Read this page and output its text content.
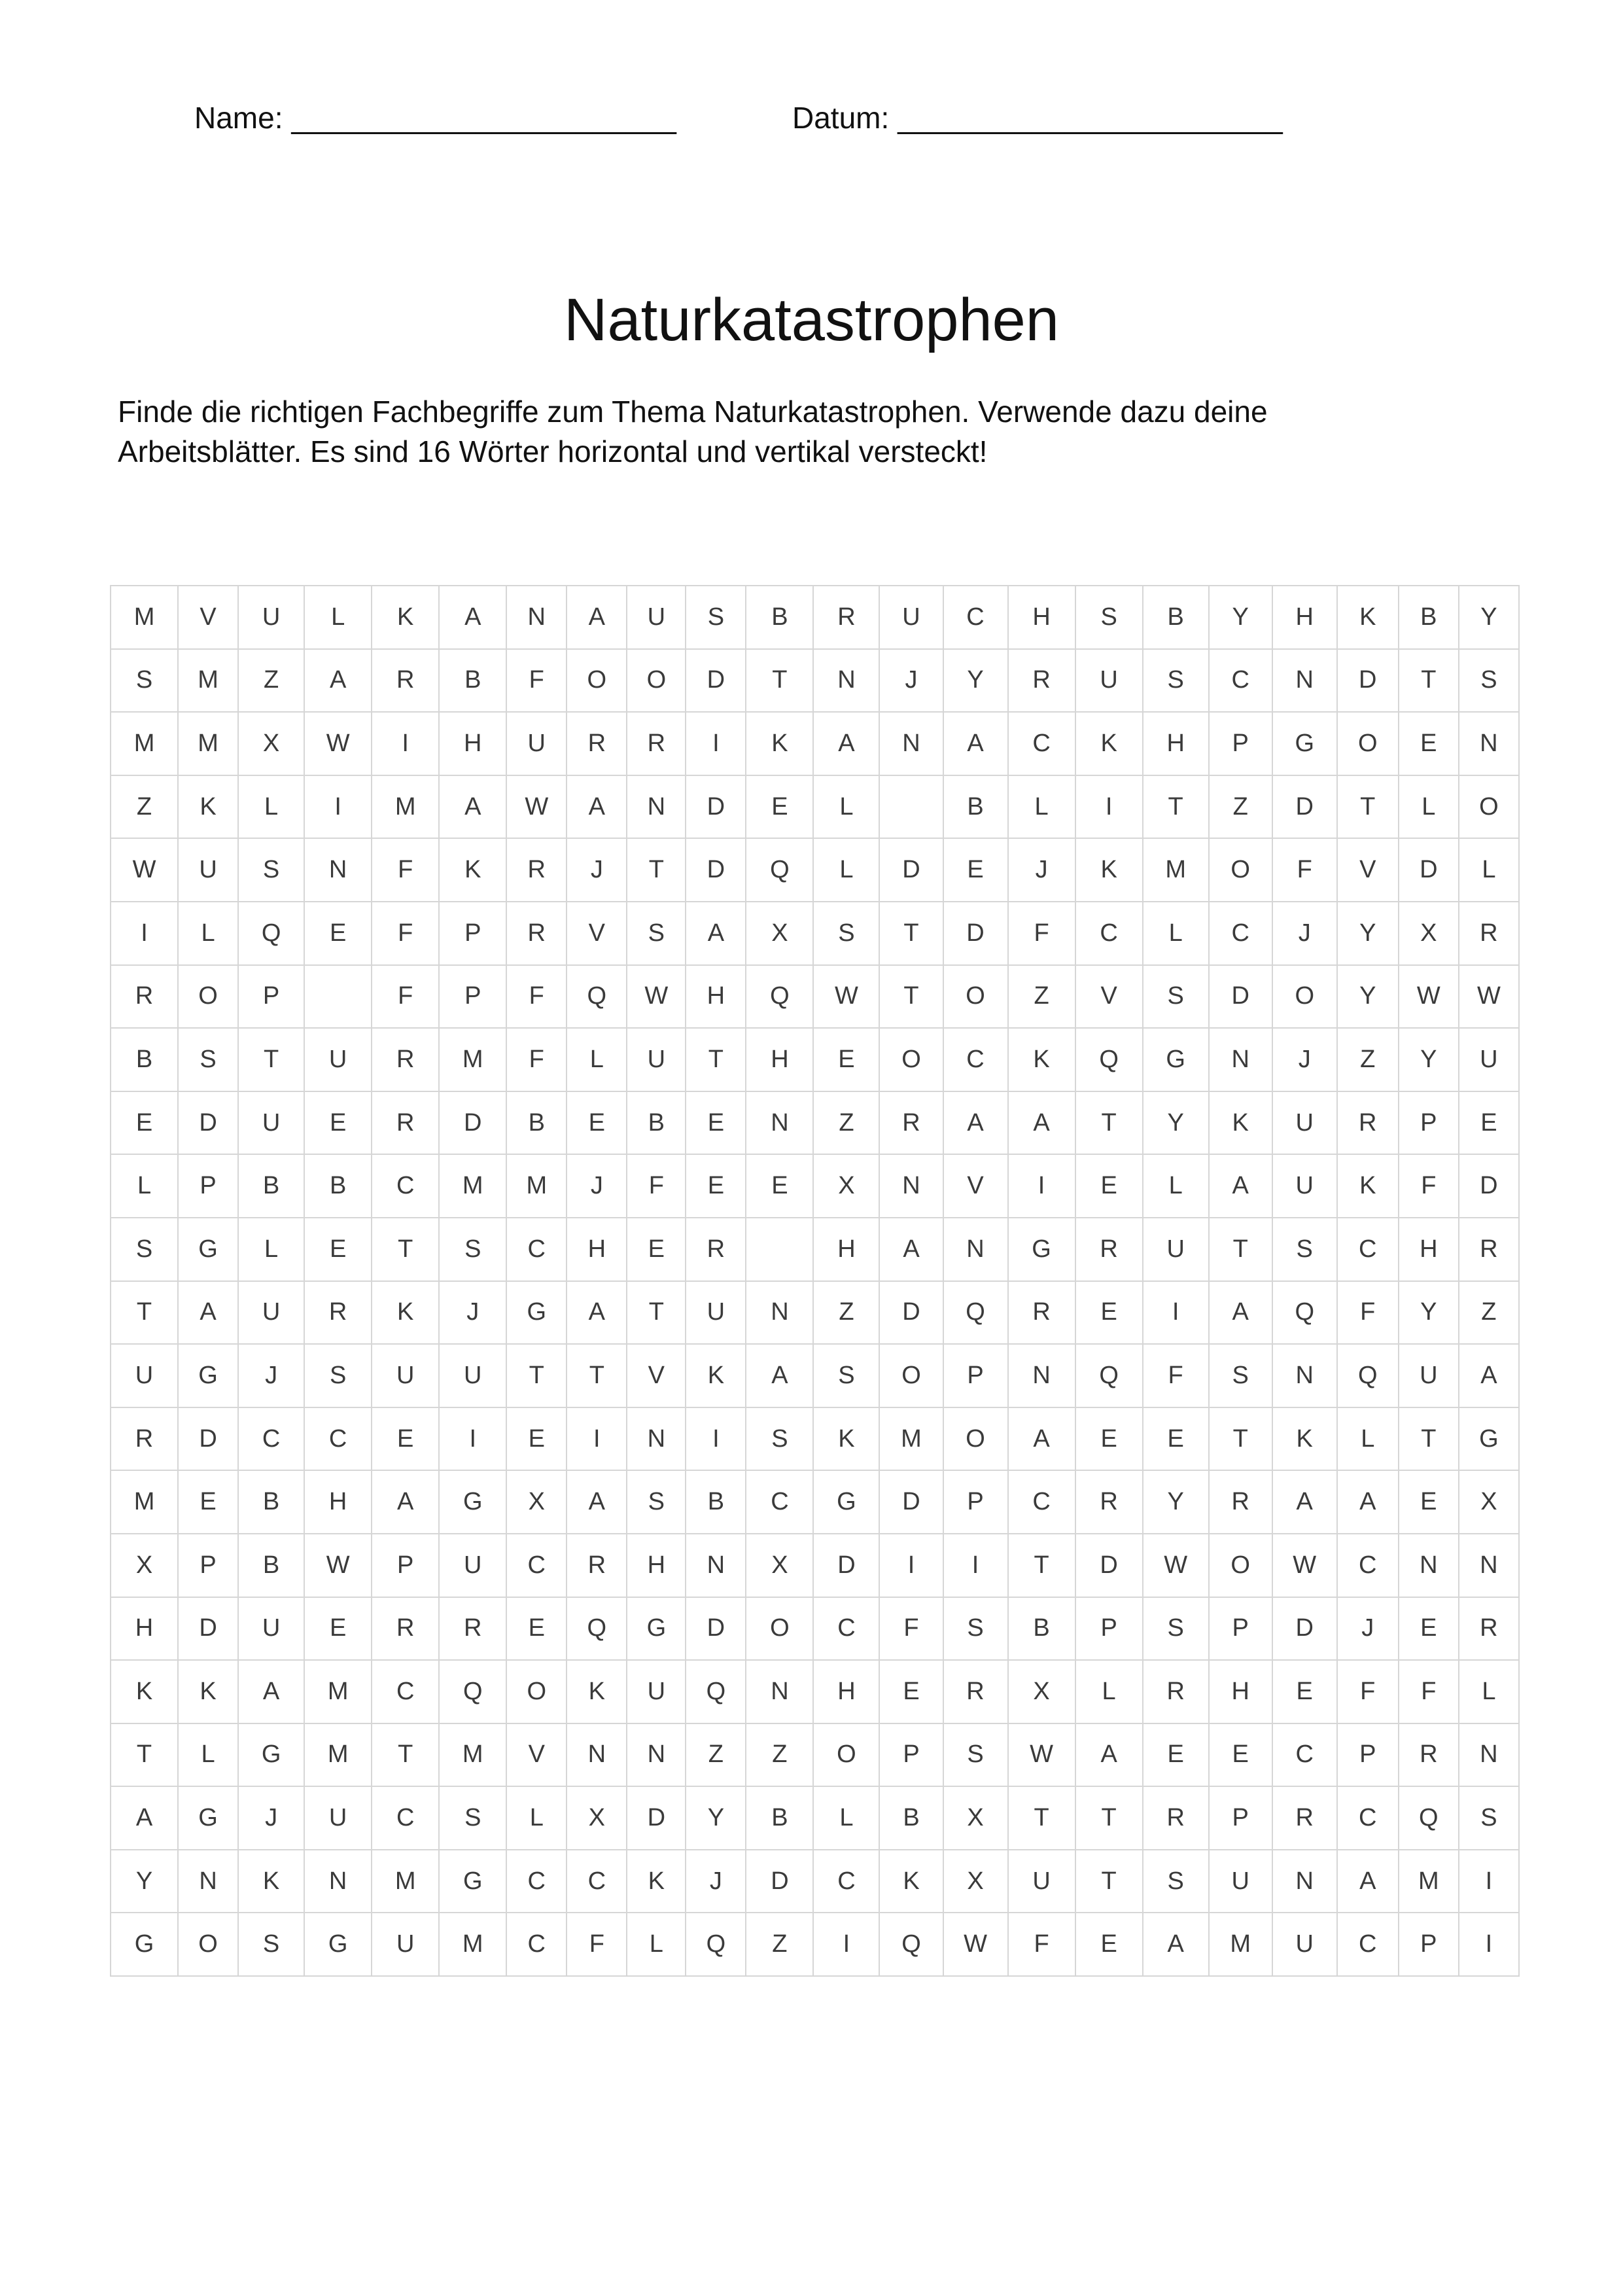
Name: _______________________	Datum: _______________________
Naturkatastrophen
Finde die richtigen Fachbegriffe zum Thema Naturkatastrophen. Verwende dazu deine
Arbeitsblätter. Es sind 16 Wörter horizontal und vertikal versteckt!
M	V	U	L	K	A	N	A	U	S	B	R	U	C	H	S	B	Y	H	K	B	Y
S	M	Z	A	R	B	F	O	O	D	T	N	J	Y	R	U	S	C	N	D	T	S
M	M	X	W	I	H	U	R	R	I	K	A	N	A	C	K	H	P	G	O	E	N
Z	K	L	I	M	A	W	A	N	D	E	L		B	L	I	T	Z	D	T	L	O
W	U	S	N	F	K	R	J	T	D	Q	L	D	E	J	K	M	O	F	V	D	L
I	L	Q	E	F	P	R	V	S	A	X	S	T	D	F	C	L	C	J	Y	X	R
R	O	P		F	P	F	Q	W	H	Q	W	T	O	Z	V	S	D	O	Y	W	W
B	S	T	U	R	M	F	L	U	T	H	E	O	C	K	Q	G	N	J	Z	Y	U
E	D	U	E	R	D	B	E	B	E	N	Z	R	A	A	T	Y	K	U	R	P	E
L	P	B	B	C	M	M	J	F	E	E	X	N	V	I	E	L	A	U	K	F	D
S	G	L	E	T	S	C	H	E	R		H	A	N	G	R	U	T	S	C	H	R
T	A	U	R	K	J	G	A	T	U	N	Z	D	Q	R	E	I	A	Q	F	Y	Z
U	G	J	S	U	U	T	T	V	K	A	S	O	P	N	Q	F	S	N	Q	U	A
R	D	C	C	E	I	E	I	N	I	S	K	M	O	A	E	E	T	K	L	T	G
M	E	B	H	A	G	X	A	S	B	C	G	D	P	C	R	Y	R	A	A	E	X
X	P	B	W	P	U	C	R	H	N	X	D	I	I	T	D	W	O	W	C	N	N
H	D	U	E	R	R	E	Q	G	D	O	C	F	S	B	P	S	P	D	J	E	R
K	K	A	M	C	Q	O	K	U	Q	N	H	E	R	X	L	R	H	E	F	F	L
T	L	G	M	T	M	V	N	N	Z	Z	O	P	S	W	A	E	E	C	P	R	N
A	G	J	U	C	S	L	X	D	Y	B	L	B	X	T	T	R	P	R	C	Q	S
Y	N	K	N	M	G	C	C	K	J	D	C	K	X	U	T	S	U	N	A	M	I
G	O	S	G	U	M	C	F	L	Q	Z	I	Q	W	F	E	A	M	U	C	P	I
